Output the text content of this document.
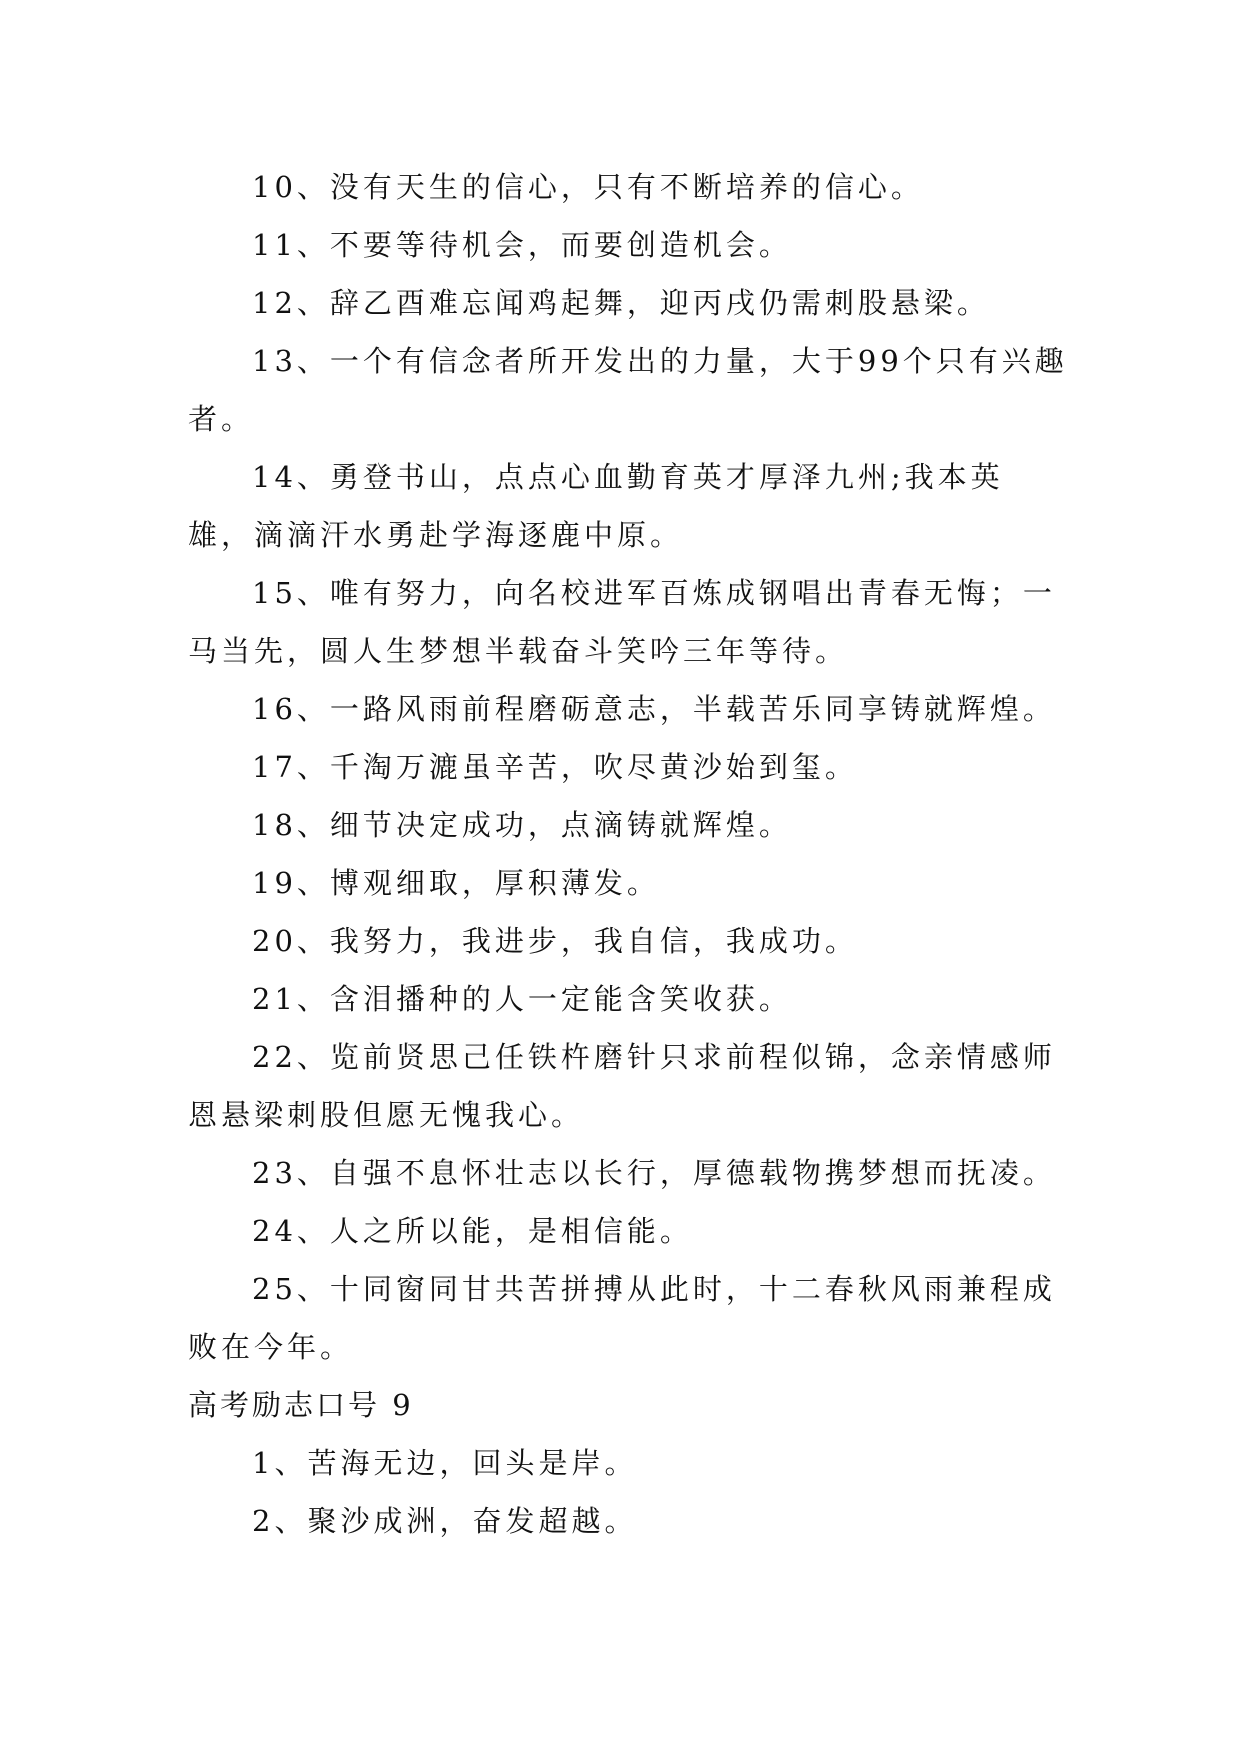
10、没有天生的信心，只有不断培养的信心。

11、不要等待机会，而要创造机会。

12、辞乙酉难忘闻鸡起舞，迎丙戌仍需刺股悬梁。

13、一个有信念者所开发出的力量，大于99个只有兴趣者。

14、勇登书山，点点心血勤育英才厚泽九州;我本英雄，滴滴汗水勇赴学海逐鹿中原。

15、唯有努力，向名校进军百炼成钢唱出青春无悔；一马当先，圆人生梦想半载奋斗笑吟三年等待。

16、一路风雨前程磨砺意志，半载苦乐同享铸就辉煌。

17、千淘万漉虽辛苦，吹尽黄沙始到玺。

18、细节决定成功，点滴铸就辉煌。

19、博观细取，厚积薄发。

20、我努力，我进步，我自信，我成功。

21、含泪播种的人一定能含笑收获。

22、览前贤思己任铁杵磨针只求前程似锦，念亲情感师恩悬梁刺股但愿无愧我心。

23、自强不息怀壮志以长行，厚德载物携梦想而抚凌。

24、人之所以能，是相信能。

25、十同窗同甘共苦拼搏从此时，十二春秋风雨兼程成败在今年。

高考励志口号 9

1、苦海无边，回头是岸。

2、聚沙成洲，奋发超越。
